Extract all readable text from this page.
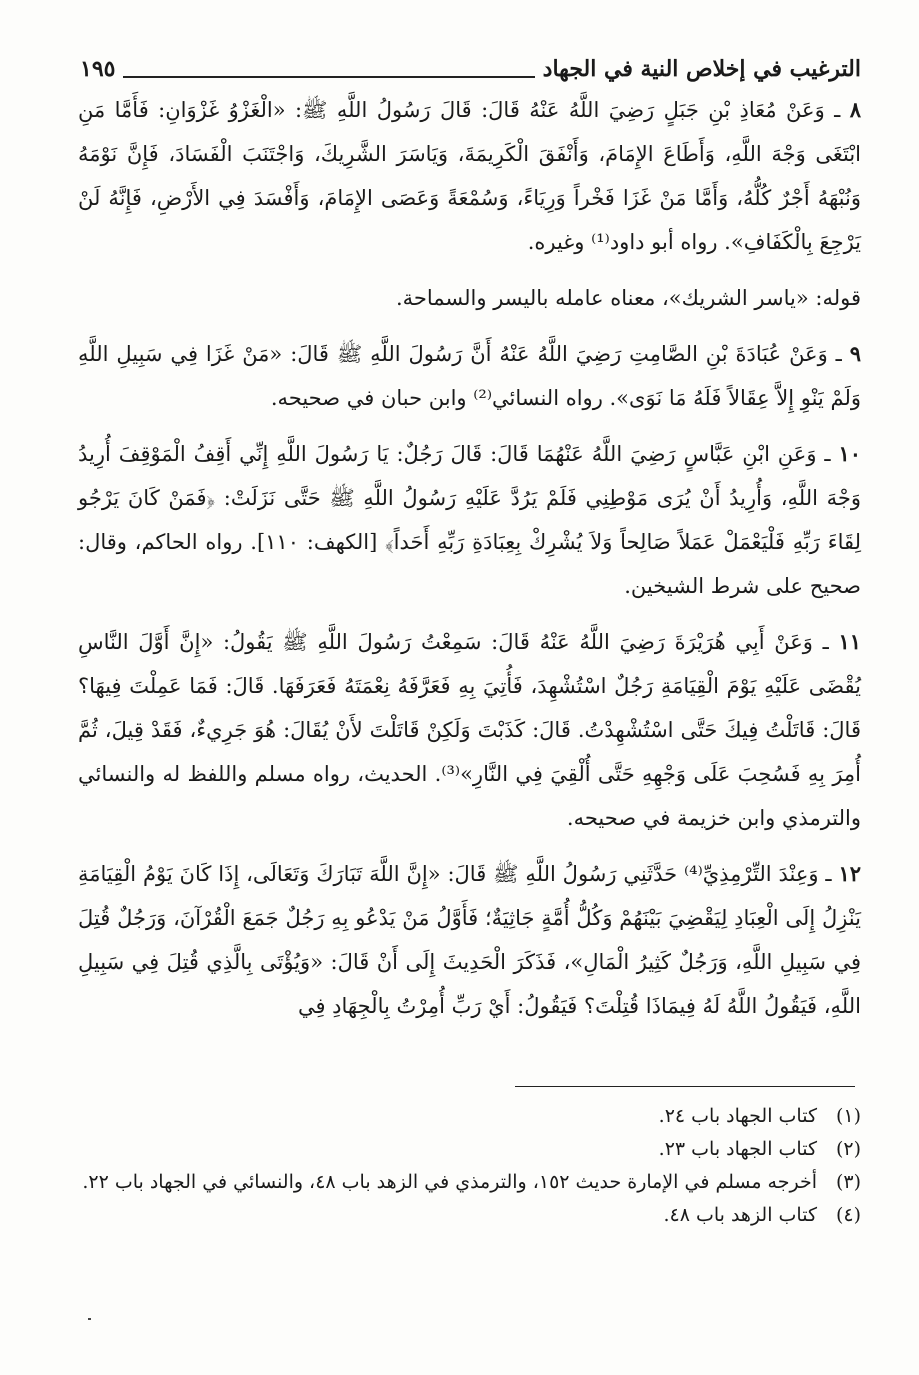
الترغيب في إخلاص النية في الجهاد
١٩٥

٨ ـ وَعَنْ مُعَاذِ بْنِ جَبَلٍ رَضِيَ اللَّهُ عَنْهُ قَالَ: قَالَ رَسُولُ اللَّهِ ﷺ: «الْغَزْوُ غَزْوَانِ: فَأَمَّا مَنِ ابْتَغَى وَجْهَ اللَّهِ، وَأَطَاعَ الإِمَامَ، وَأَنْفَقَ الْكَرِيمَةَ، وَيَاسَرَ الشَّرِيكَ، وَاجْتَنَبَ الْفَسَادَ، فَإِنَّ نَوْمَهُ وَنُبْهَهُ أَجْرٌ كُلُّهُ، وَأَمَّا مَنْ غَزَا فَخْراً وَرِيَاءً، وَسُمْعَةً وَعَصَى الإِمَامَ، وَأَفْسَدَ فِي الأَرْضِ، فَإِنَّهُ لَنْ يَرْجِعَ بِالْكَفَافِ». رواه أبو داود⁽¹⁾ وغيره.

قوله: «ياسر الشريك»، معناه عامله باليسر والسماحة.

٩ ـ وَعَنْ عُبَادَةَ بْنِ الصَّامِتِ رَضِيَ اللَّهُ عَنْهُ أَنَّ رَسُولَ اللَّهِ ﷺ قَالَ: «مَنْ غَزَا فِي سَبِيلِ اللَّهِ وَلَمْ يَنْوِ إِلاَّ عِقَالاً فَلَهُ مَا نَوَى». رواه النسائي⁽²⁾ وابن حبان في صحيحه.

١٠ ـ وَعَنِ ابْنِ عَبَّاسٍ رَضِيَ اللَّهُ عَنْهُمَا قَالَ: قَالَ رَجُلٌ: يَا رَسُولَ اللَّهِ إِنِّي أَقِفُ الْمَوْقِفَ أُرِيدُ وَجْهَ اللَّهِ، وَأُرِيدُ أَنْ يُرَى مَوْطِنِي فَلَمْ يَرُدَّ عَلَيْهِ رَسُولُ اللَّهِ ﷺ حَتَّى نَزَلَتْ: ﴿فَمَنْ كَانَ يَرْجُو لِقَاءَ رَبِّهِ فَلْيَعْمَلْ عَمَلاً صَالِحاً وَلاَ يُشْرِكْ بِعِبَادَةِ رَبِّهِ أَحَداً﴾ [الكهف: ١١٠]. رواه الحاكم، وقال: صحيح على شرط الشيخين.

١١ ـ وَعَنْ أَبِي هُرَيْرَةَ رَضِيَ اللَّهُ عَنْهُ قَالَ: سَمِعْتُ رَسُولَ اللَّهِ ﷺ يَقُولُ: «إِنَّ أَوَّلَ النَّاسِ يُقْضَى عَلَيْهِ يَوْمَ الْقِيَامَةِ رَجُلٌ اسْتُشْهِدَ، فَأُتِيَ بِهِ فَعَرَّفَهُ نِعْمَتَهُ فَعَرَفَهَا. قَالَ: فَمَا عَمِلْتَ فِيهَا؟ قَالَ: قَاتَلْتُ فِيكَ حَتَّى اسْتُشْهِدْتُ. قَالَ: كَذَبْتَ وَلَكِنْ قَاتَلْتَ لأَنْ يُقَالَ: هُوَ جَرِيءٌ، فَقَدْ قِيلَ، ثُمَّ أُمِرَ بِهِ فَسُحِبَ عَلَى وَجْهِهِ حَتَّى أُلْقِيَ فِي النَّارِ»⁽³⁾. الحديث، رواه مسلم واللفظ له والنسائي والترمذي وابن خزيمة في صحيحه.

١٢ ـ وَعِنْدَ التِّرْمِذِيِّ⁽⁴⁾ حَدَّثَنِي رَسُولُ اللَّهِ ﷺ قَالَ: «إِنَّ اللَّهَ تَبَارَكَ وَتَعَالَى، إِذَا كَانَ يَوْمُ الْقِيَامَةِ يَنْزِلُ إِلَى الْعِبَادِ لِيَقْضِيَ بَيْنَهُمْ وَكُلُّ أُمَّةٍ جَاثِيَةٌ؛ فَأَوَّلُ مَنْ يَدْعُو بِهِ رَجُلٌ جَمَعَ الْقُرْآنَ، وَرَجُلٌ قُتِلَ فِي سَبِيلِ اللَّهِ، وَرَجُلٌ كَثِيرُ الْمَالِ»، فَذَكَرَ الْحَدِيثَ إِلَى أَنْ قَالَ: «وَيُؤْتَى بِالَّذِي قُتِلَ فِي سَبِيلِ اللَّهِ، فَيَقُولُ اللَّهُ لَهُ فِيمَاذَا قُتِلْتَ؟ فَيَقُولُ: أَيْ رَبِّ أُمِرْتُ بِالْجِهَادِ فِي

(١)
كتاب الجهاد باب ٢٤.
(٢)
كتاب الجهاد باب ٢٣.
(٣)
أخرجه مسلم في الإمارة حديث ١٥٢، والترمذي في الزهد باب ٤٨، والنسائي في الجهاد باب ٢٢.
(٤)
كتاب الزهد باب ٤٨.
